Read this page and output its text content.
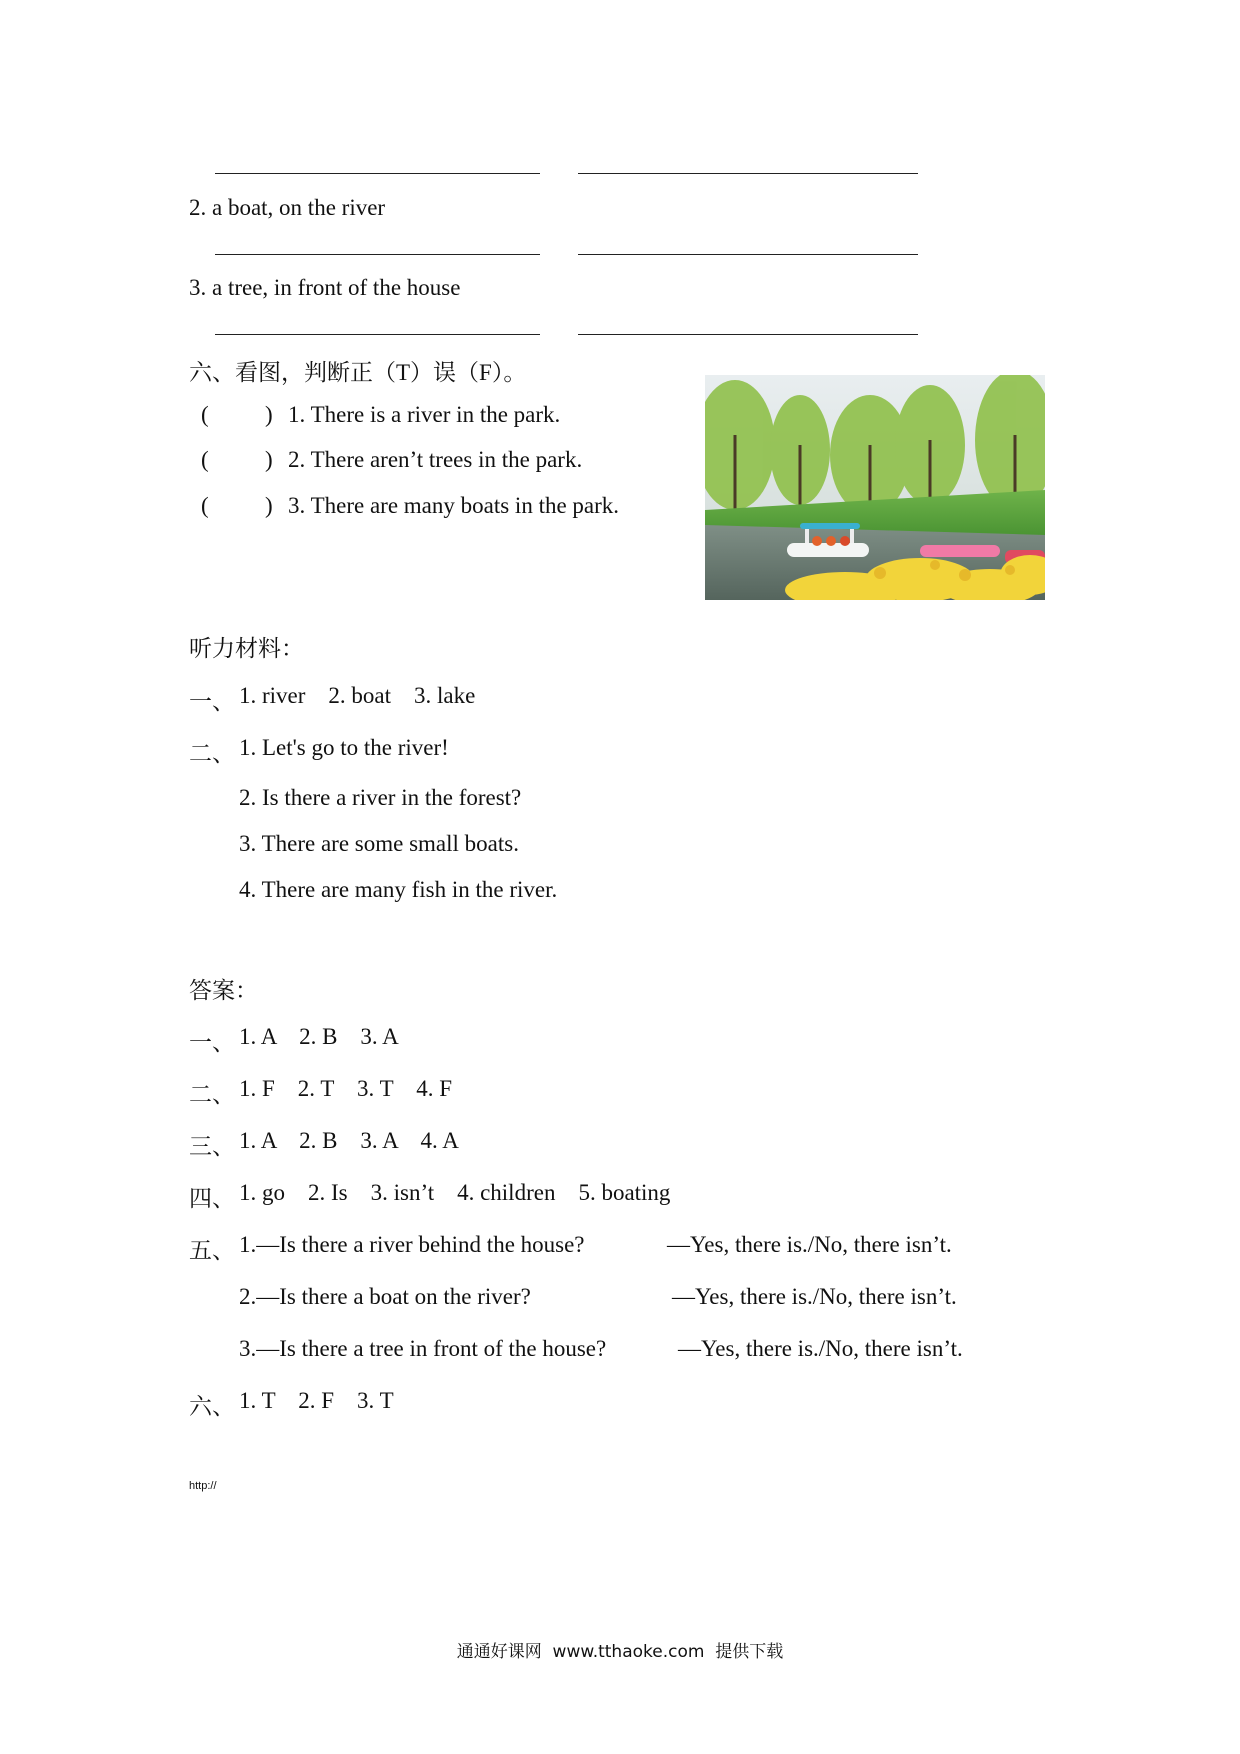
2. a boat, on the river
3. a tree, in front of the house
六、看图，判断正（T）误（F）。
( ) 1. There is a river in the park.
( ) 2. There aren’t trees in the park.
( ) 3. There are many boats in the park.
听力材料：
一、 1. river    2. boat    3. lake
二、 1. Let's go to the river!
2. Is there a river in the forest?
3. There are some small boats.
4. There are many fish in the river.
答案：
一、 1. A    2. B    3. A
二、 1. F    2. T    3. T    4. F
三、 1. A    2. B    3. A    4. A
四、 1. go    2. Is    3. isn’t    4. children    5. boating
五、 1.—Is there a river behind the house?	—Yes, there is./No, there isn’t.
2.—Is there a boat on the river?	—Yes, there is./No, there isn’t.
3.—Is there a tree in front of the house?	—Yes, there is./No, there isn’t.
六、 1. T    2. F    3. T
http://
通通好课网  www.tthaoke.com  提供下载
